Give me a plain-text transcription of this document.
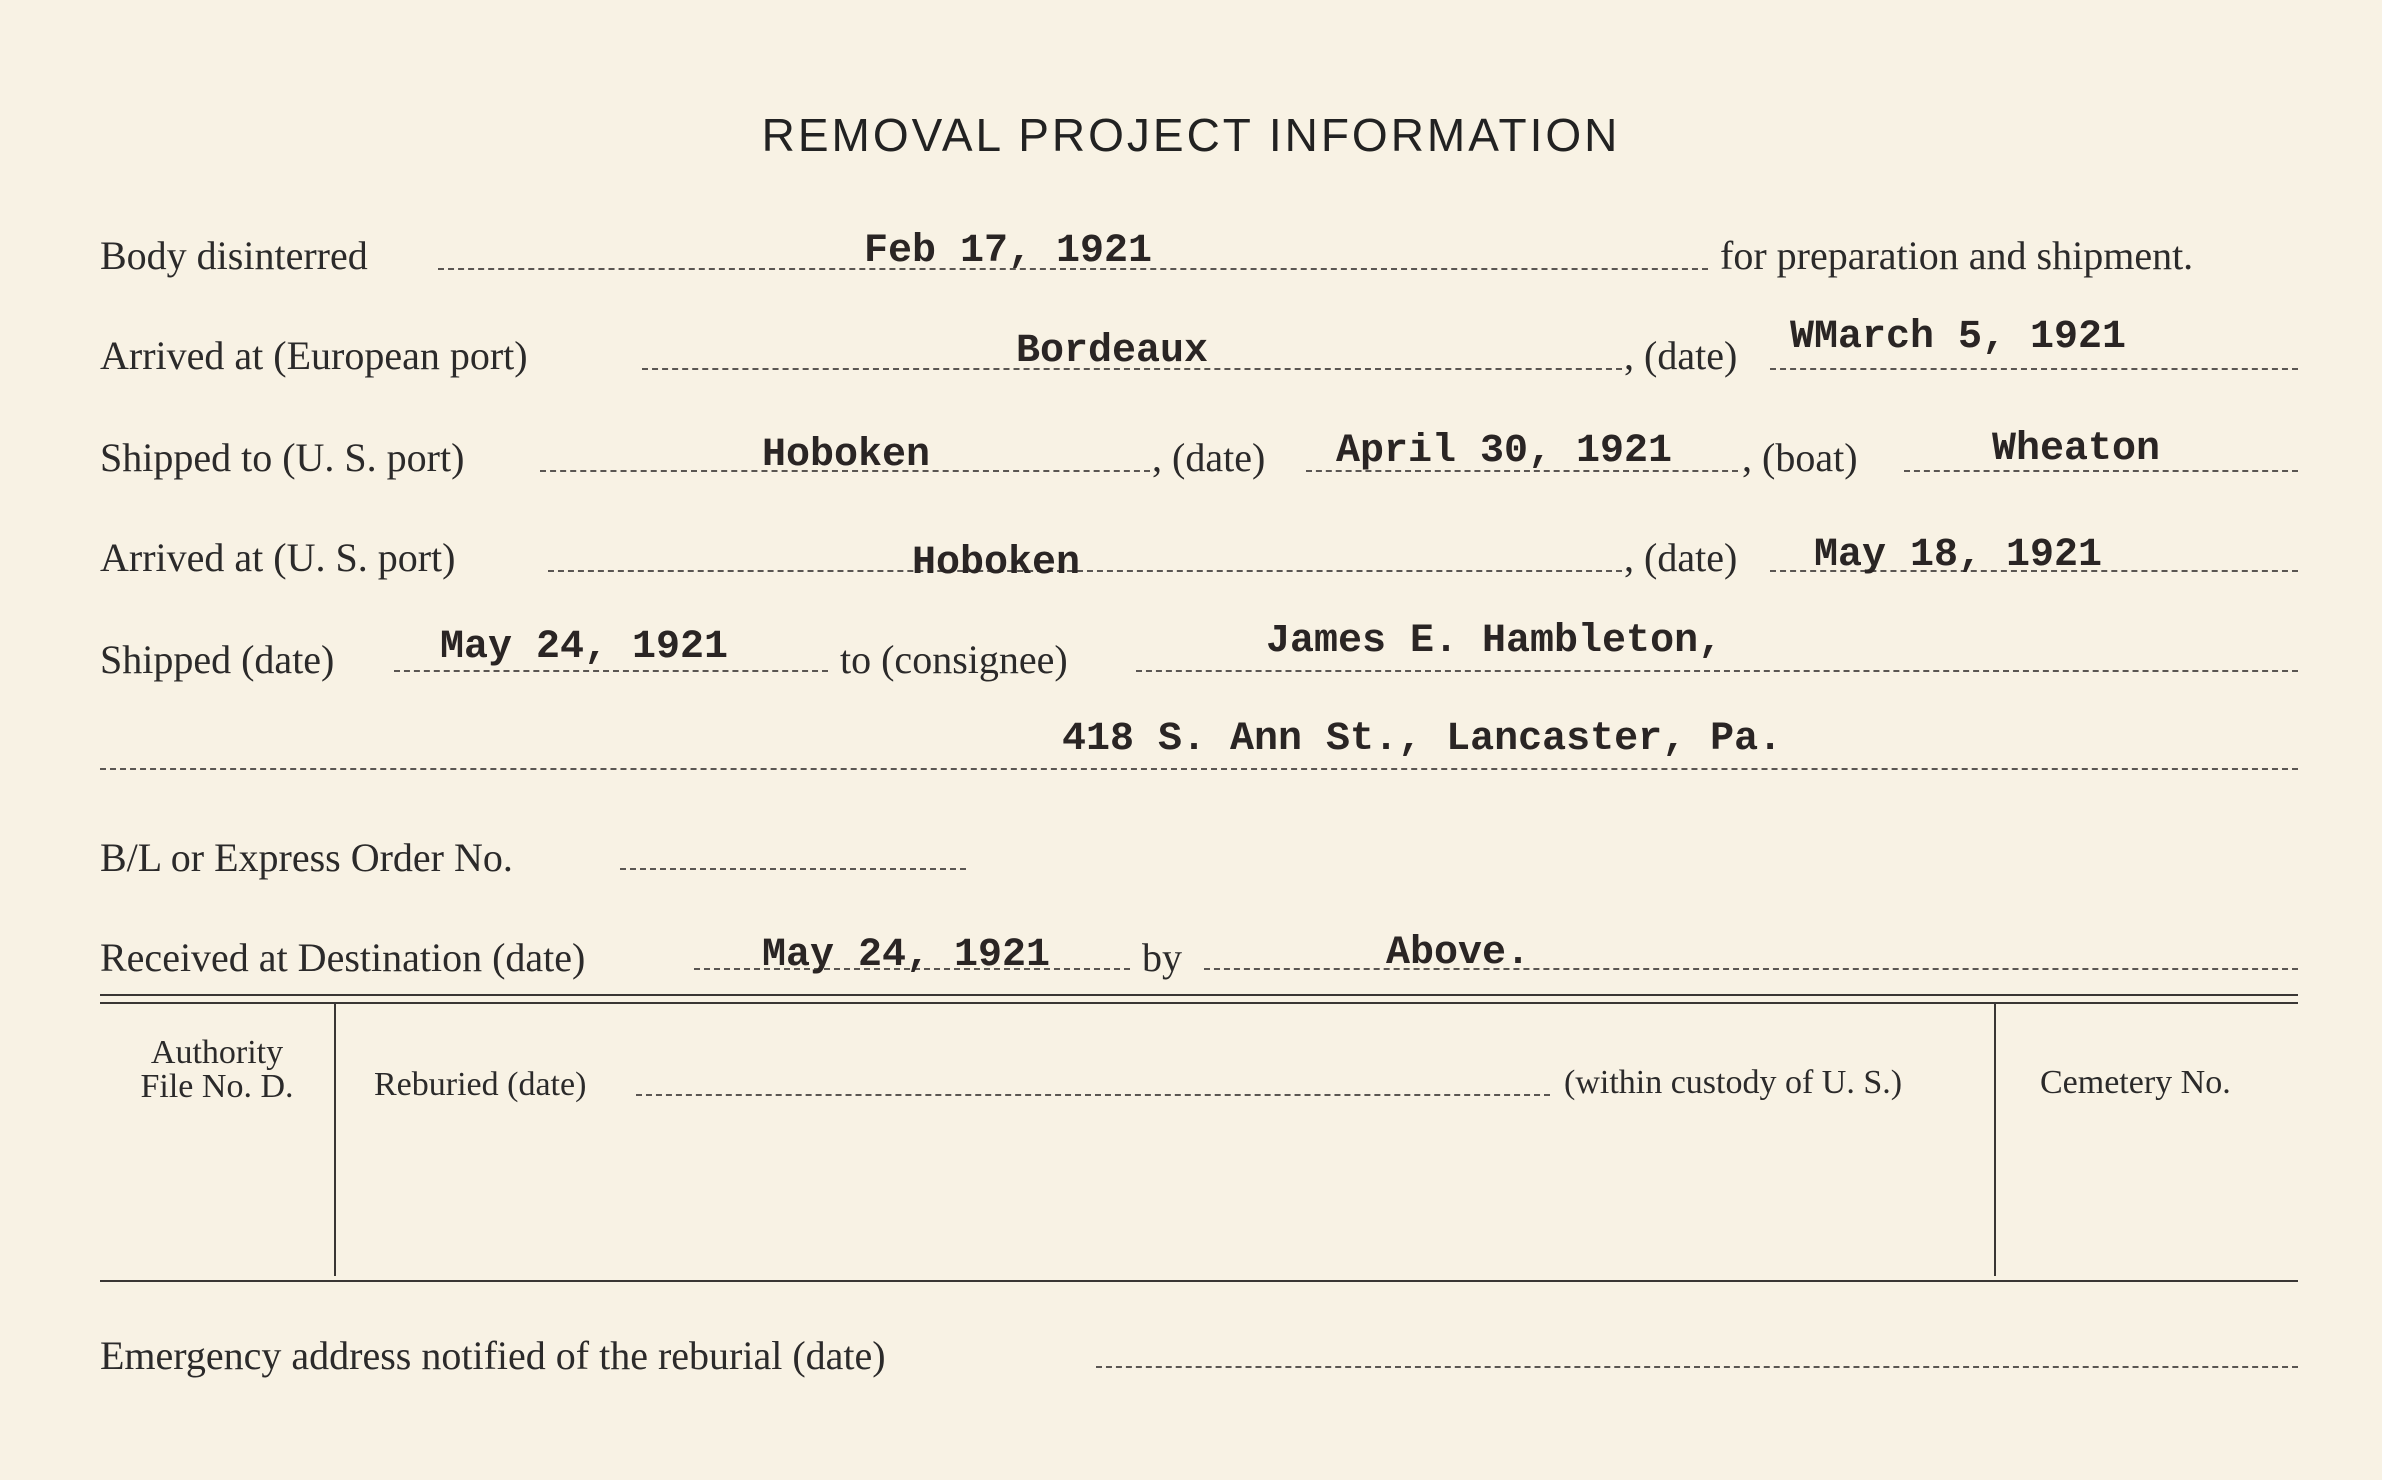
REMOVAL PROJECT INFORMATION
Body disinterred	Feb 17, 1921	for preparation and shipment.
Arrived at (European port)	Bordeaux	, (date) WMarch 5, 1921
Shipped to (U. S. port)	Hoboken	, (date) April 30, 1921 , (boat)	Wheaton
Arrived at (U. S. port)	Hoboken	, (date) May 18, 1921
Shipped (date)	May 24, 1921	to (consignee)	James E. Hambleton,
418 S. Ann St., Lancaster, Pa.
B/L or Express Order No.
Received at Destination (date)	May 24, 1921 by	Above.
Authority
File No. D.	Reburied (date)	(within custody of U. S.)	Cemetery No.
Emergency address notified of the reburial (date)
